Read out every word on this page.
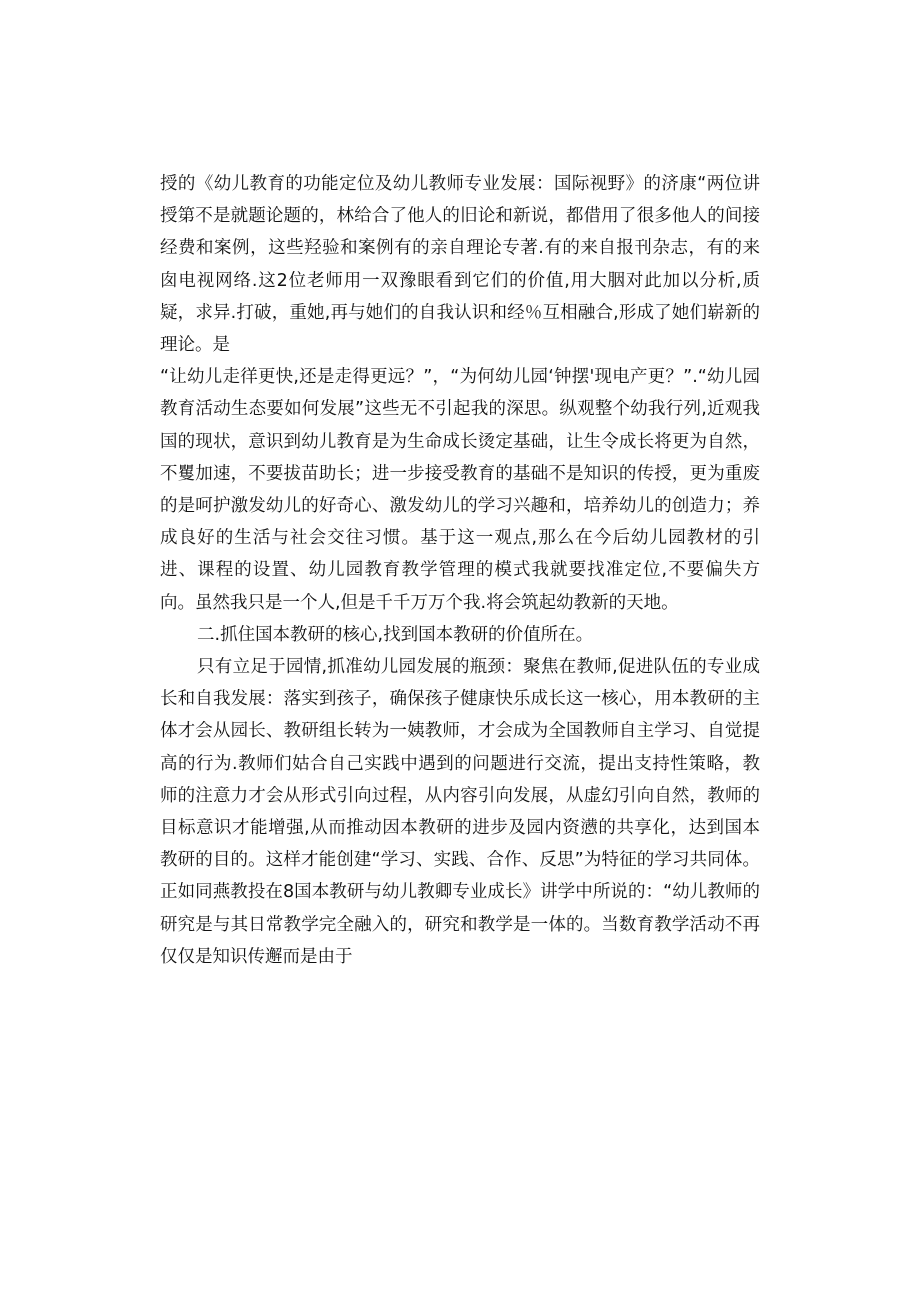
授的《幼儿教育的功能定位及幼儿教师专业发展：国际视野》的济康“两位讲授第不是就题论题的，林给合了他人的旧论和新说，都借用了很多他人的间接经费和案例，这些羟验和案例有的亲自理论专著.有的来自报刊杂志，有的来囱电视网络.这2位老师用一双豫眼看到它们的价值,用大胭对此加以分析,质疑，求异.打破，重她,再与她们的自我认识和经％互相融合,形成了她们崭新的理论。是

“让幼儿走徉更快,还是走得更远？”，“为何幼儿园‘钟摆'现电产更？”.“幼儿园教育活动生态要如何发展”这些无不引起我的深思。纵观整个幼我行列,近观我国的现状，意识到幼儿教育是为生命成长烫定基础，让生令成长将更为自然，不矍加速，不要拔苗助长；进一步接受教育的基础不是知识的传授，更为重废的是呵护激发幼儿的好奇心、激发幼儿的学习兴趣和，培养幼儿的创造力；养成良好的生活与社会交往习惯。基于这一观点,那么在今后幼儿园教材的引进、课程的设置、幼儿园教育教学管理的模式我就要找准定位,不要偏失方向。虽然我只是一个人,但是千千万万个我.将会筑起幼教新的天地。

二.抓住国本教研的核心,找到国本教研的价值所在。

只有立足于园情,抓准幼儿园发展的瓶颈：聚焦在教师,促进队伍的专业成长和自我发展：落实到孩子，确保孩子健康快乐成长这一核心，用本教研的主体才会从园长、教研组长转为一姨教师，才会成为全国教师自主学习、自觉提高的行为.教师们姑合自己实践中遇到的问题进行交流，提出支持性策略，教师的注意力才会从形式引向过程，从内容引向发展，从虚幻引向自然，教师的目标意识才能增强,从而推动因本教研的进步及园内资懑的共享化，达到国本教研的目的。这样才能创建“学习、实践、合作、反思”为特征的学习共同体。正如同燕教投在8国本教研与幼儿教卿专业成长》讲学中所说的：“幼儿教师的研究是与其日常教学完全融入的，研究和教学是一体的。当数育教学活动不再仅仅是知识传邂而是由于
